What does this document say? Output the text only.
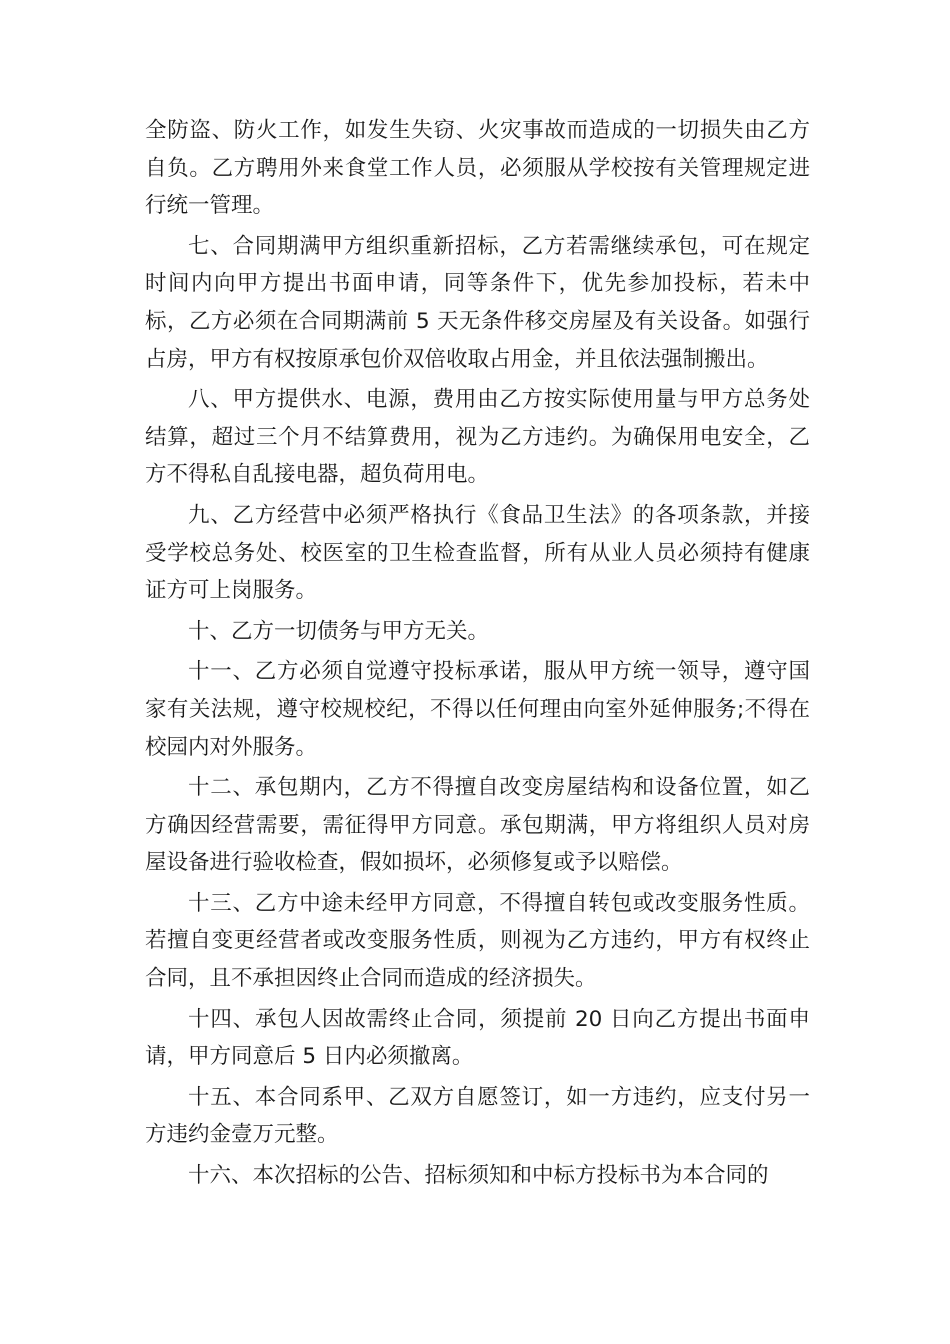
全防盗、防火工作，如发生失窃、火灾事故而造成的一切损失由乙方自负。乙方聘用外来食堂工作人员，必须服从学校按有关管理规定进行统一管理。

七、合同期满甲方组织重新招标，乙方若需继续承包，可在规定时间内向甲方提出书面申请，同等条件下，优先参加投标，若未中标，乙方必须在合同期满前 5 天无条件移交房屋及有关设备。如强行占房，甲方有权按原承包价双倍收取占用金，并且依法强制搬出。

八、甲方提供水、电源，费用由乙方按实际使用量与甲方总务处结算，超过三个月不结算费用，视为乙方违约。为确保用电安全，乙方不得私自乱接电器，超负荷用电。

九、乙方经营中必须严格执行《食品卫生法》的各项条款，并接受学校总务处、校医室的卫生检查监督，所有从业人员必须持有健康证方可上岗服务。

十、乙方一切债务与甲方无关。

十一、乙方必须自觉遵守投标承诺，服从甲方统一领导，遵守国家有关法规，遵守校规校纪，不得以任何理由向室外延伸服务;不得在校园内对外服务。

十二、承包期内，乙方不得擅自改变房屋结构和设备位置，如乙方确因经营需要，需征得甲方同意。承包期满，甲方将组织人员对房屋设备进行验收检查，假如损坏，必须修复或予以赔偿。

十三、乙方中途未经甲方同意，不得擅自转包或改变服务性质。若擅自变更经营者或改变服务性质，则视为乙方违约，甲方有权终止合同，且不承担因终止合同而造成的经济损失。

十四、承包人因故需终止合同，须提前 20 日向乙方提出书面申请，甲方同意后 5 日内必须撤离。

十五、本合同系甲、乙双方自愿签订，如一方违约，应支付另一方违约金壹万元整。

十六、本次招标的公告、招标须知和中标方投标书为本合同的
